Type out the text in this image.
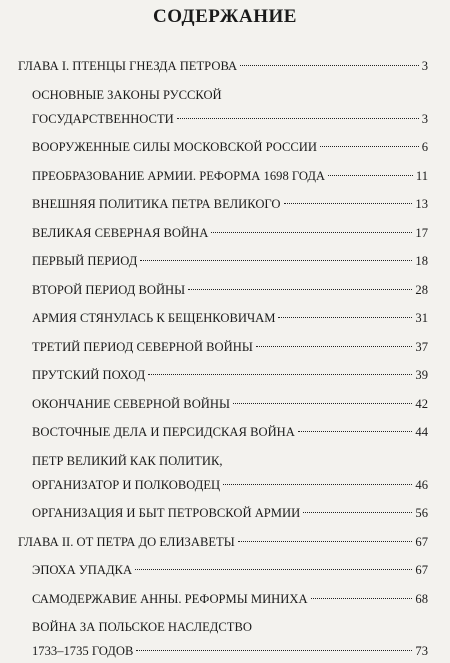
СОДЕРЖАНИЕ
ГЛАВА I. ПТЕНЦЫ ГНЕЗДА ПЕТРОВА	3
ОСНОВНЫЕ ЗАКОНЫ РУССКОЙ
ГОСУДАРСТВЕННОСТИ	3
ВООРУЖЕННЫЕ СИЛЫ МОСКОВСКОЙ РОССИИ	6
ПРЕОБРАЗОВАНИЕ АРМИИ. РЕФОРМА 1698 ГОДА	11
ВНЕШНЯЯ ПОЛИТИКА ПЕТРА ВЕЛИКОГО	13
ВЕЛИКАЯ СЕВЕРНАЯ ВОЙНА	17
ПЕРВЫЙ ПЕРИОД	18
ВТОРОЙ ПЕРИОД ВОЙНЫ	28
АРМИЯ СТЯНУЛАСЬ К БЕЩЕНКОВИЧАМ	31
ТРЕТИЙ ПЕРИОД СЕВЕРНОЙ ВОЙНЫ	37
ПРУТСКИЙ ПОХОД	39
ОКОНЧАНИЕ СЕВЕРНОЙ ВОЙНЫ	42
ВОСТОЧНЫЕ ДЕЛА И ПЕРСИДСКАЯ ВОЙНА	44
ПЕТР ВЕЛИКИЙ КАК ПОЛИТИК,
ОРГАНИЗАТОР И ПОЛКОВОДЕЦ	46
ОРГАНИЗАЦИЯ И БЫТ ПЕТРОВСКОЙ АРМИИ	56
ГЛАВА II. ОТ ПЕТРА ДО ЕЛИЗАВЕТЫ	67
ЭПОХА УПАДКА	67
САМОДЕРЖАВИЕ АННЫ. РЕФОРМЫ МИНИХА	68
ВОЙНА ЗА ПОЛЬСКОЕ НАСЛЕДСТВО
1733–1735 ГОДОВ	73
